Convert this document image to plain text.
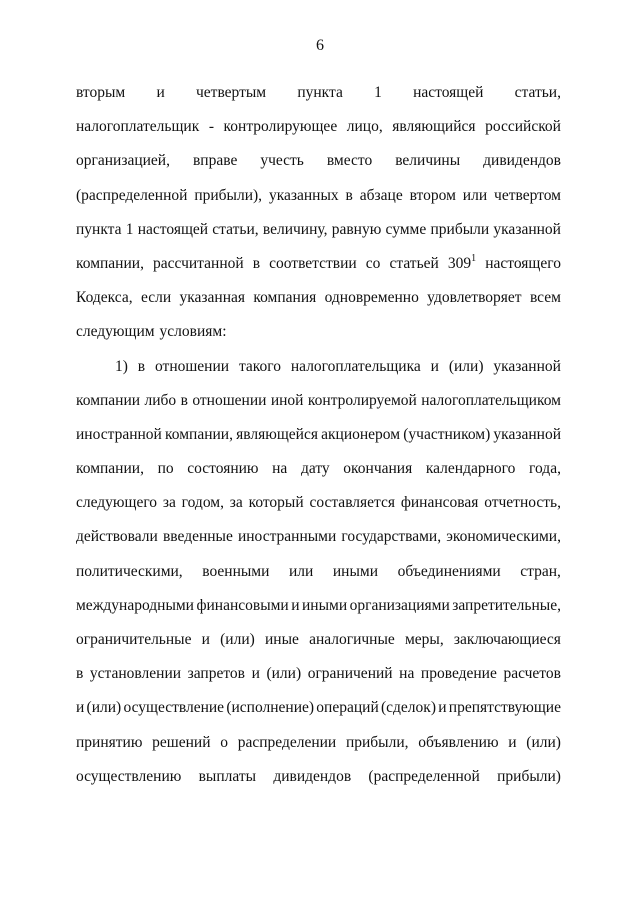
6
вторым и четвертым пункта 1 настоящей статьи,
налогоплательщик - контролирующее лицо, являющийся российской
организацией, вправе учесть вместо величины дивидендов
(распределенной прибыли), указанных в абзаце втором или четвертом
пункта 1 настоящей статьи, величину, равную сумме прибыли указанной
компании, рассчитанной в соответствии со статьей $309^1$ настоящего
Кодекса, если указанная компания одновременно удовлетворяет всем
следующим условиям:
1) в отношении такого налогоплательщика и (или) указанной
компании либо в отношении иной контролируемой налогоплательщиком
иностранной компании, являющейся акционером (участником) указанной
компании, по состоянию на дату окончания календарного года,
следующего за годом, за который составляется финансовая отчетность,
действовали введенные иностранными государствами, экономическими,
политическими, военными или иными объединениями стран,
международными финансовыми и иными организациями запретительные,
ограничительные и (или) иные аналогичные меры, заключающиеся
в установлении запретов и (или) ограничений на проведение расчетов
и (или) осуществление (исполнение) операций (сделок) и препятствующие
принятию решений о распределении прибыли, объявлению и (или)
осуществлению выплаты дивидендов (распределенной прибыли)
